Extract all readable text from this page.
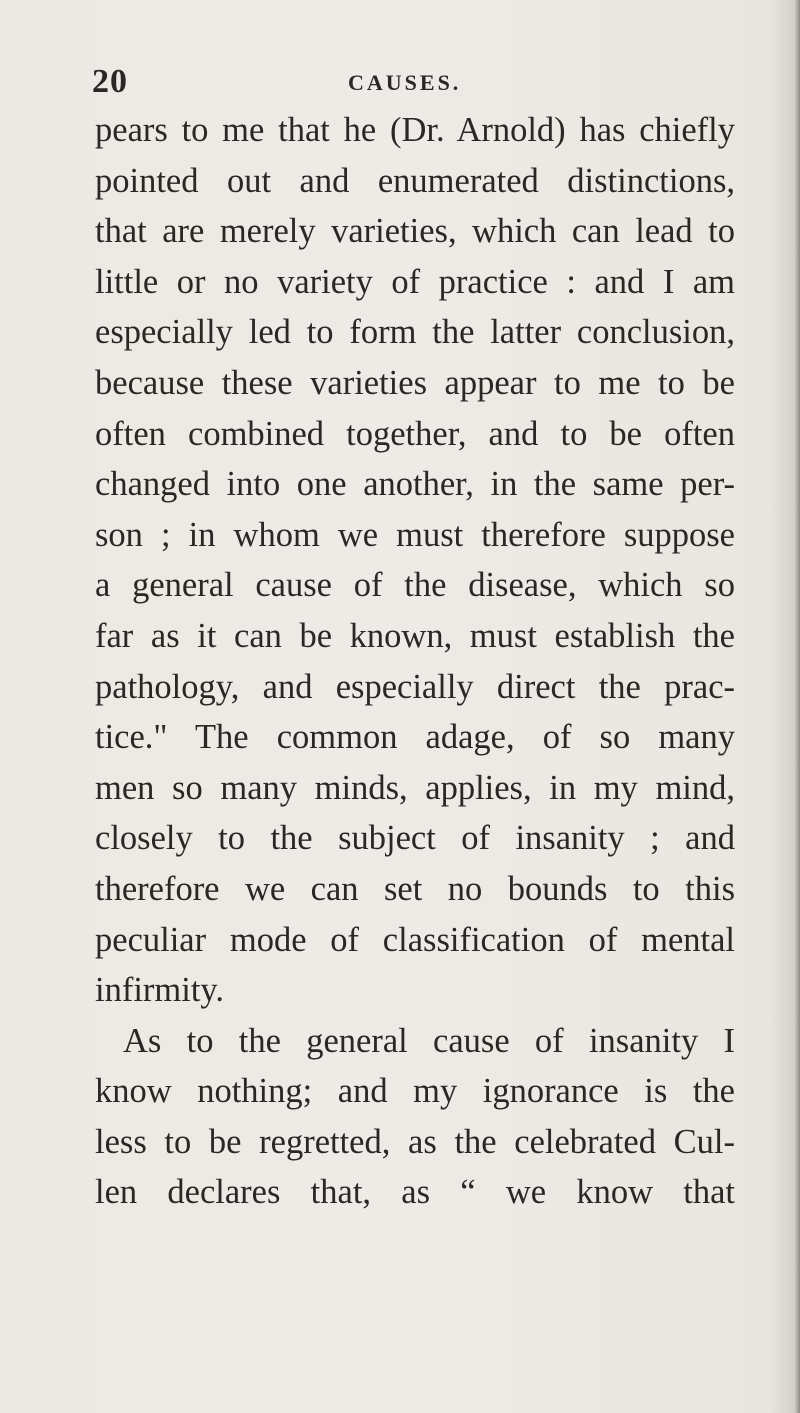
20	CAUSES.
pears to me that he (Dr. Arnold) has chiefly
pointed out and enumerated distinctions,
that are merely varieties, which can lead to
little or no variety of practice : and I am
especially led to form the latter conclusion,
because these varieties appear to me to be
often combined together, and to be often
changed into one another, in the same per-
son ; in whom we must therefore suppose
a general cause of the disease, which so
far as it can be known, must establish the
pathology, and especially direct the prac-
tice." The common adage, of so many
men so many minds, applies, in my mind,
closely to the subject of insanity ; and
therefore we can set no bounds to this
peculiar mode of classification of mental
infirmity.
As to the general cause of insanity I
know nothing; and my ignorance is the
less to be regretted, as the celebrated Cul-
len declares that, as “ we know that
